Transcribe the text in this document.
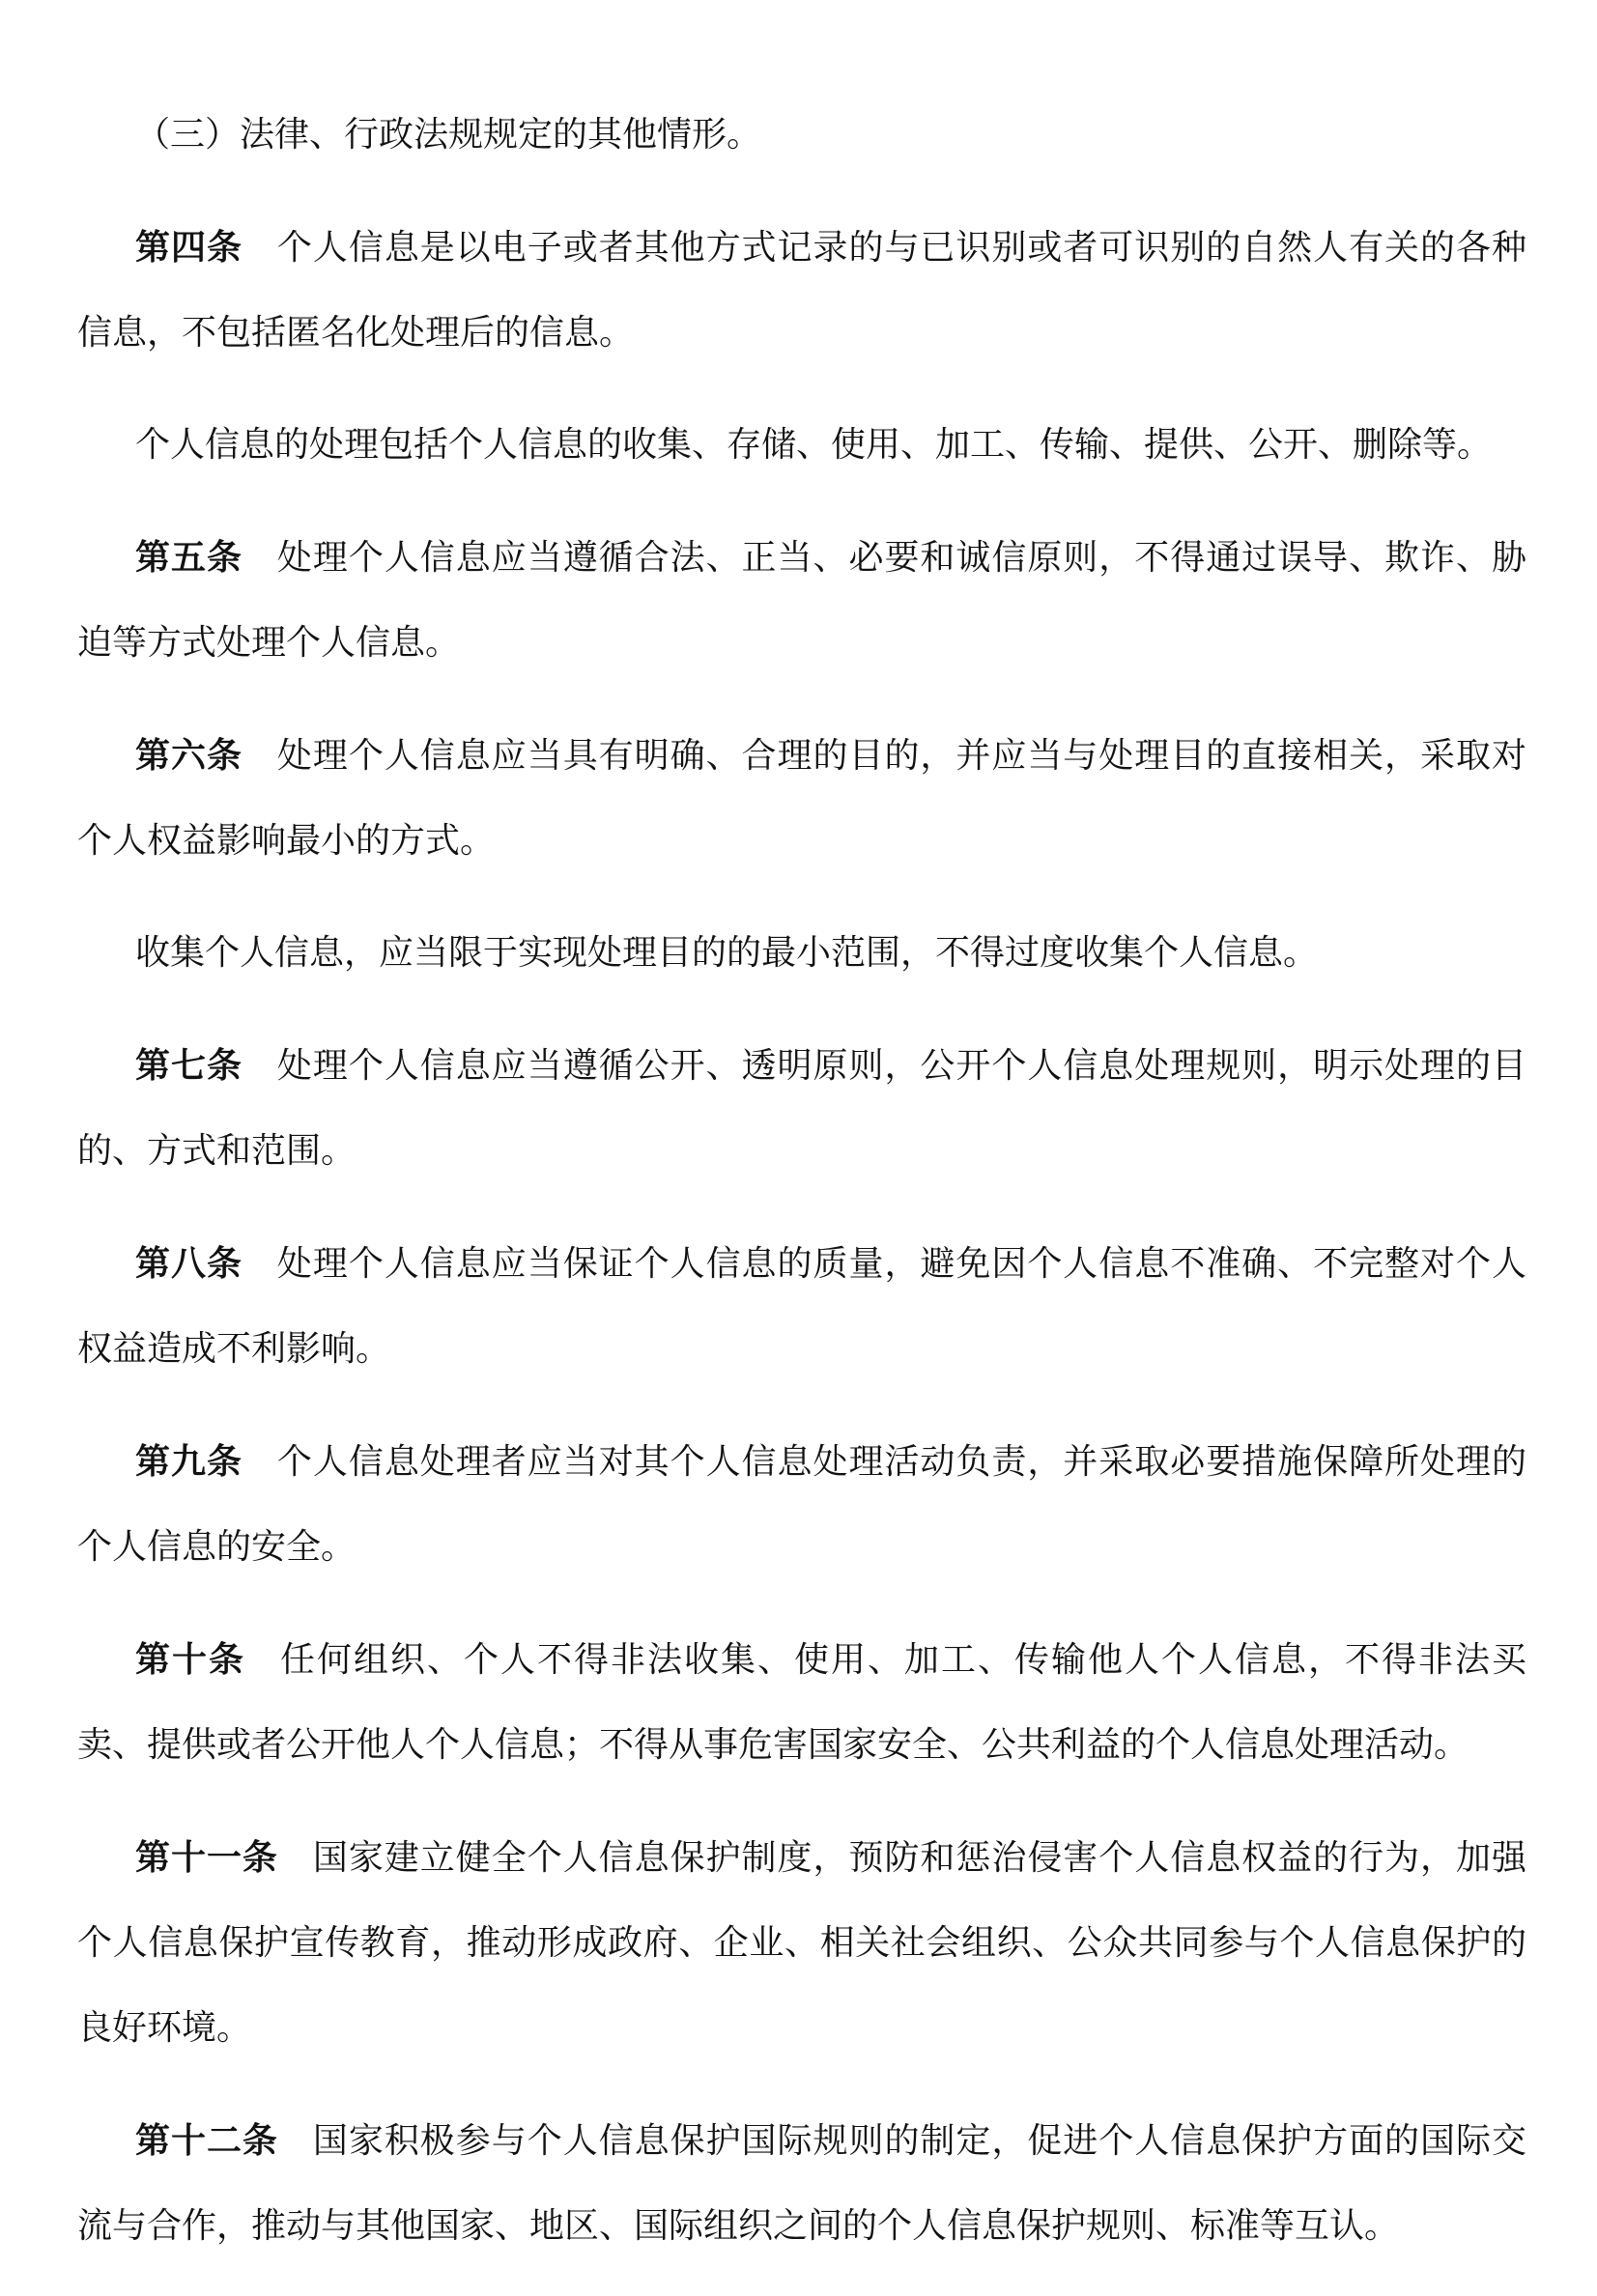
（三）法律、行政法规规定的其他情形。

第四条 个人信息是以电子或者其他方式记录的与已识别或者可识别的自然人有关的各种信息，不包括匿名化处理后的信息。

个人信息的处理包括个人信息的收集、存储、使用、加工、传输、提供、公开、删除等。

第五条 处理个人信息应当遵循合法、正当、必要和诚信原则，不得通过误导、欺诈、胁迫等方式处理个人信息。

第六条 处理个人信息应当具有明确、合理的目的，并应当与处理目的直接相关，采取对个人权益影响最小的方式。

收集个人信息，应当限于实现处理目的的最小范围，不得过度收集个人信息。

第七条 处理个人信息应当遵循公开、透明原则，公开个人信息处理规则，明示处理的目的、方式和范围。

第八条 处理个人信息应当保证个人信息的质量，避免因个人信息不准确、不完整对个人权益造成不利影响。

第九条 个人信息处理者应当对其个人信息处理活动负责，并采取必要措施保障所处理的个人信息的安全。

第十条 任何组织、个人不得非法收集、使用、加工、传输他人个人信息，不得非法买卖、提供或者公开他人个人信息；不得从事危害国家安全、公共利益的个人信息处理活动。

第十一条 国家建立健全个人信息保护制度，预防和惩治侵害个人信息权益的行为，加强个人信息保护宣传教育，推动形成政府、企业、相关社会组织、公众共同参与个人信息保护的良好环境。

第十二条 国家积极参与个人信息保护国际规则的制定，促进个人信息保护方面的国际交流与合作，推动与其他国家、地区、国际组织之间的个人信息保护规则、标准等互认。
